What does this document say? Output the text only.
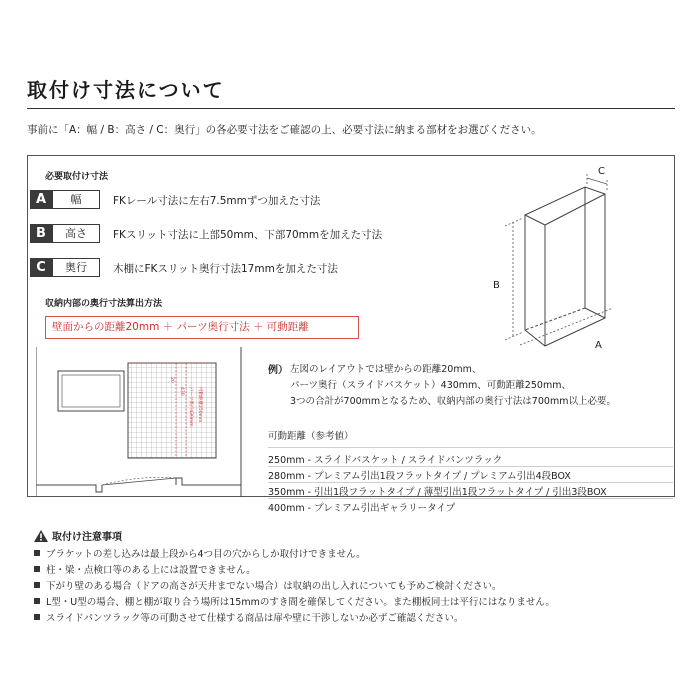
取付け寸法について
事前に「A：幅 / B：高さ / C：奥行」の各必要寸法をご確認の上、必要寸法に納まる部材をお選びください。
必要取付け寸法
A	幅	FKレール寸法に左右7.5mmずつ加えた寸法
B	高さ	FKスリット寸法に上部50mm、下部70mmを加えた寸法
C	奥行	木棚にFKスリット奥行寸法17mmを加えた寸法
収納内部の奥行寸法算出方法
壁面からの距離20mm ＋ パーツ奥行寸法 ＋ 可動距離
B
A
C
20
430 パーツ奥行430mm 可動距離250mm
例） 左図のレイアウトでは壁からの距離20mm、
パーツ奥行（スライドバスケット）430mm、可動距離250mm、
3つの合計が700mmとなるため、収納内部の奥行寸法は700mm以上必要。
可動距離（参考値）
250mm - スライドバスケット / スライドパンツラック
280mm - プレミアム引出1段フラットタイプ / プレミアム引出4段BOX
350mm - 引出1段フラットタイプ / 薄型引出1段フラットタイプ / 引出3段BOX
400mm - プレミアム引出ギャラリータイプ
取付け注意事項
ブラケットの差し込みは最上段から4つ目の穴からしか取付けできません。
柱・梁・点検口等のある上には設置できません。
下がり壁のある場合（ドアの高さが天井までない場合）は収納の出し入れについても予めご検討ください。
L型・U型の場合、棚と棚が取り合う場所は15mmのすき間を確保してください。また棚板同士は平行にはなりません。
スライドパンツラック等の可動させて仕様する商品は扉や壁に干渉しないか必ずご確認ください。
